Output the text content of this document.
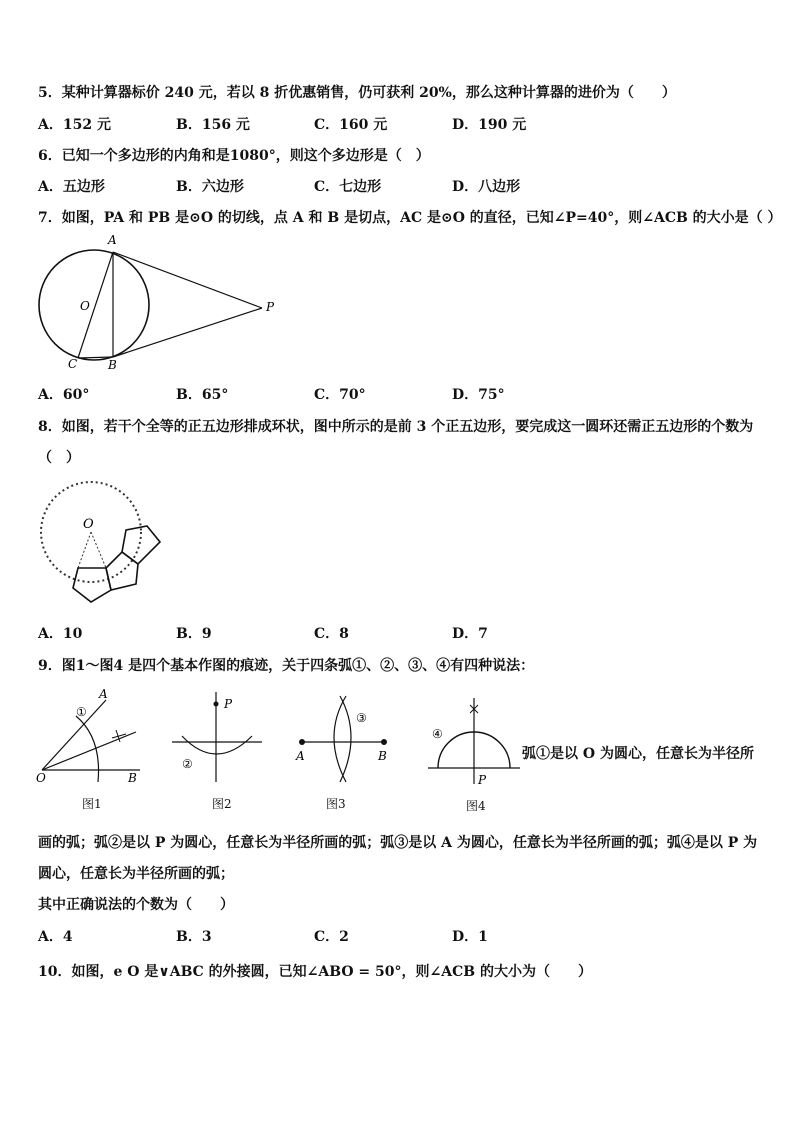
5．某种计算器标价 240 元，若以 8 折优惠销售，仍可获利 20%，那么这种计算器的进价为（　　）
A．152 元	B．156 元	C．160 元	D．190 元
6．已知一个多边形的内角和是1080°，则这个多边形是（　）
A．五边形	B．六边形	C．七边形	D．八边形
7．如图，PA 和 PB 是⊙O 的切线，点 A 和 B 是切点，AC 是⊙O 的直径，已知∠P=40°，则∠ACB 的大小是（ ）
A
O	P
C	B
A．60°	B．65°	C．70°	D．75°
8．如图，若干个全等的正五边形排成环状，图中所示的是前 3 个正五边形，要完成这一圆环还需正五边形的个数为
（　）
O
A．10	B．9	C．8	D．7
9．图1～图4 是四个基本作图的痕迹，关于四条弧①、②、③、④有四种说法：
A
①
O	B
图1
P
②
图2
③
A	B
图3
④
P
图4
弧①是以 O 为圆心，任意长为半径所
画的弧；弧②是以 P 为圆心，任意长为半径所画的弧；弧③是以 A 为圆心，任意长为半径所画的弧；弧④是以 P 为
圆心，任意长为半径所画的弧；
其中正确说法的个数为（　　）
A．4	B．3	C．2	D．1
10．如图，e O 是∨ABC 的外接圆，已知∠ABO = 50°，则∠ACB 的大小为（　　）
